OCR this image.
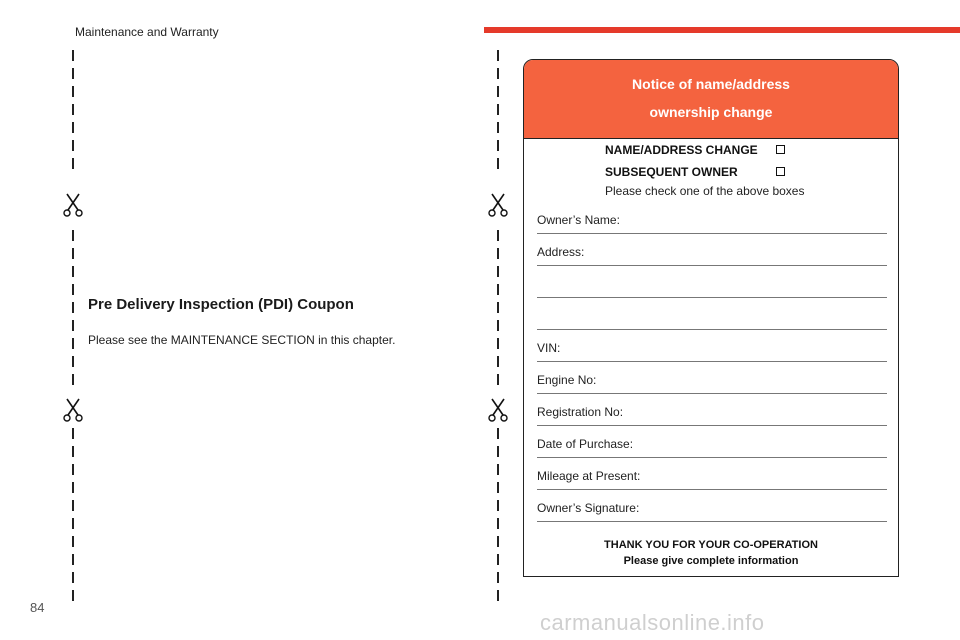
Maintenance and Warranty
Pre Delivery Inspection (PDI) Coupon
Please see the MAINTENANCE SECTION in this chapter.
Notice of name/address
ownership change
NAME/ADDRESS CHANGE
SUBSEQUENT OWNER
Please check one of the above boxes
Owner’s Name:
Address:
VIN:
Engine No:
Registration No:
Date of Purchase:
Mileage at Present:
Owner’s Signature:
THANK YOU FOR YOUR CO-OPERATION
Please give complete information
84
carmanualsonline.info
